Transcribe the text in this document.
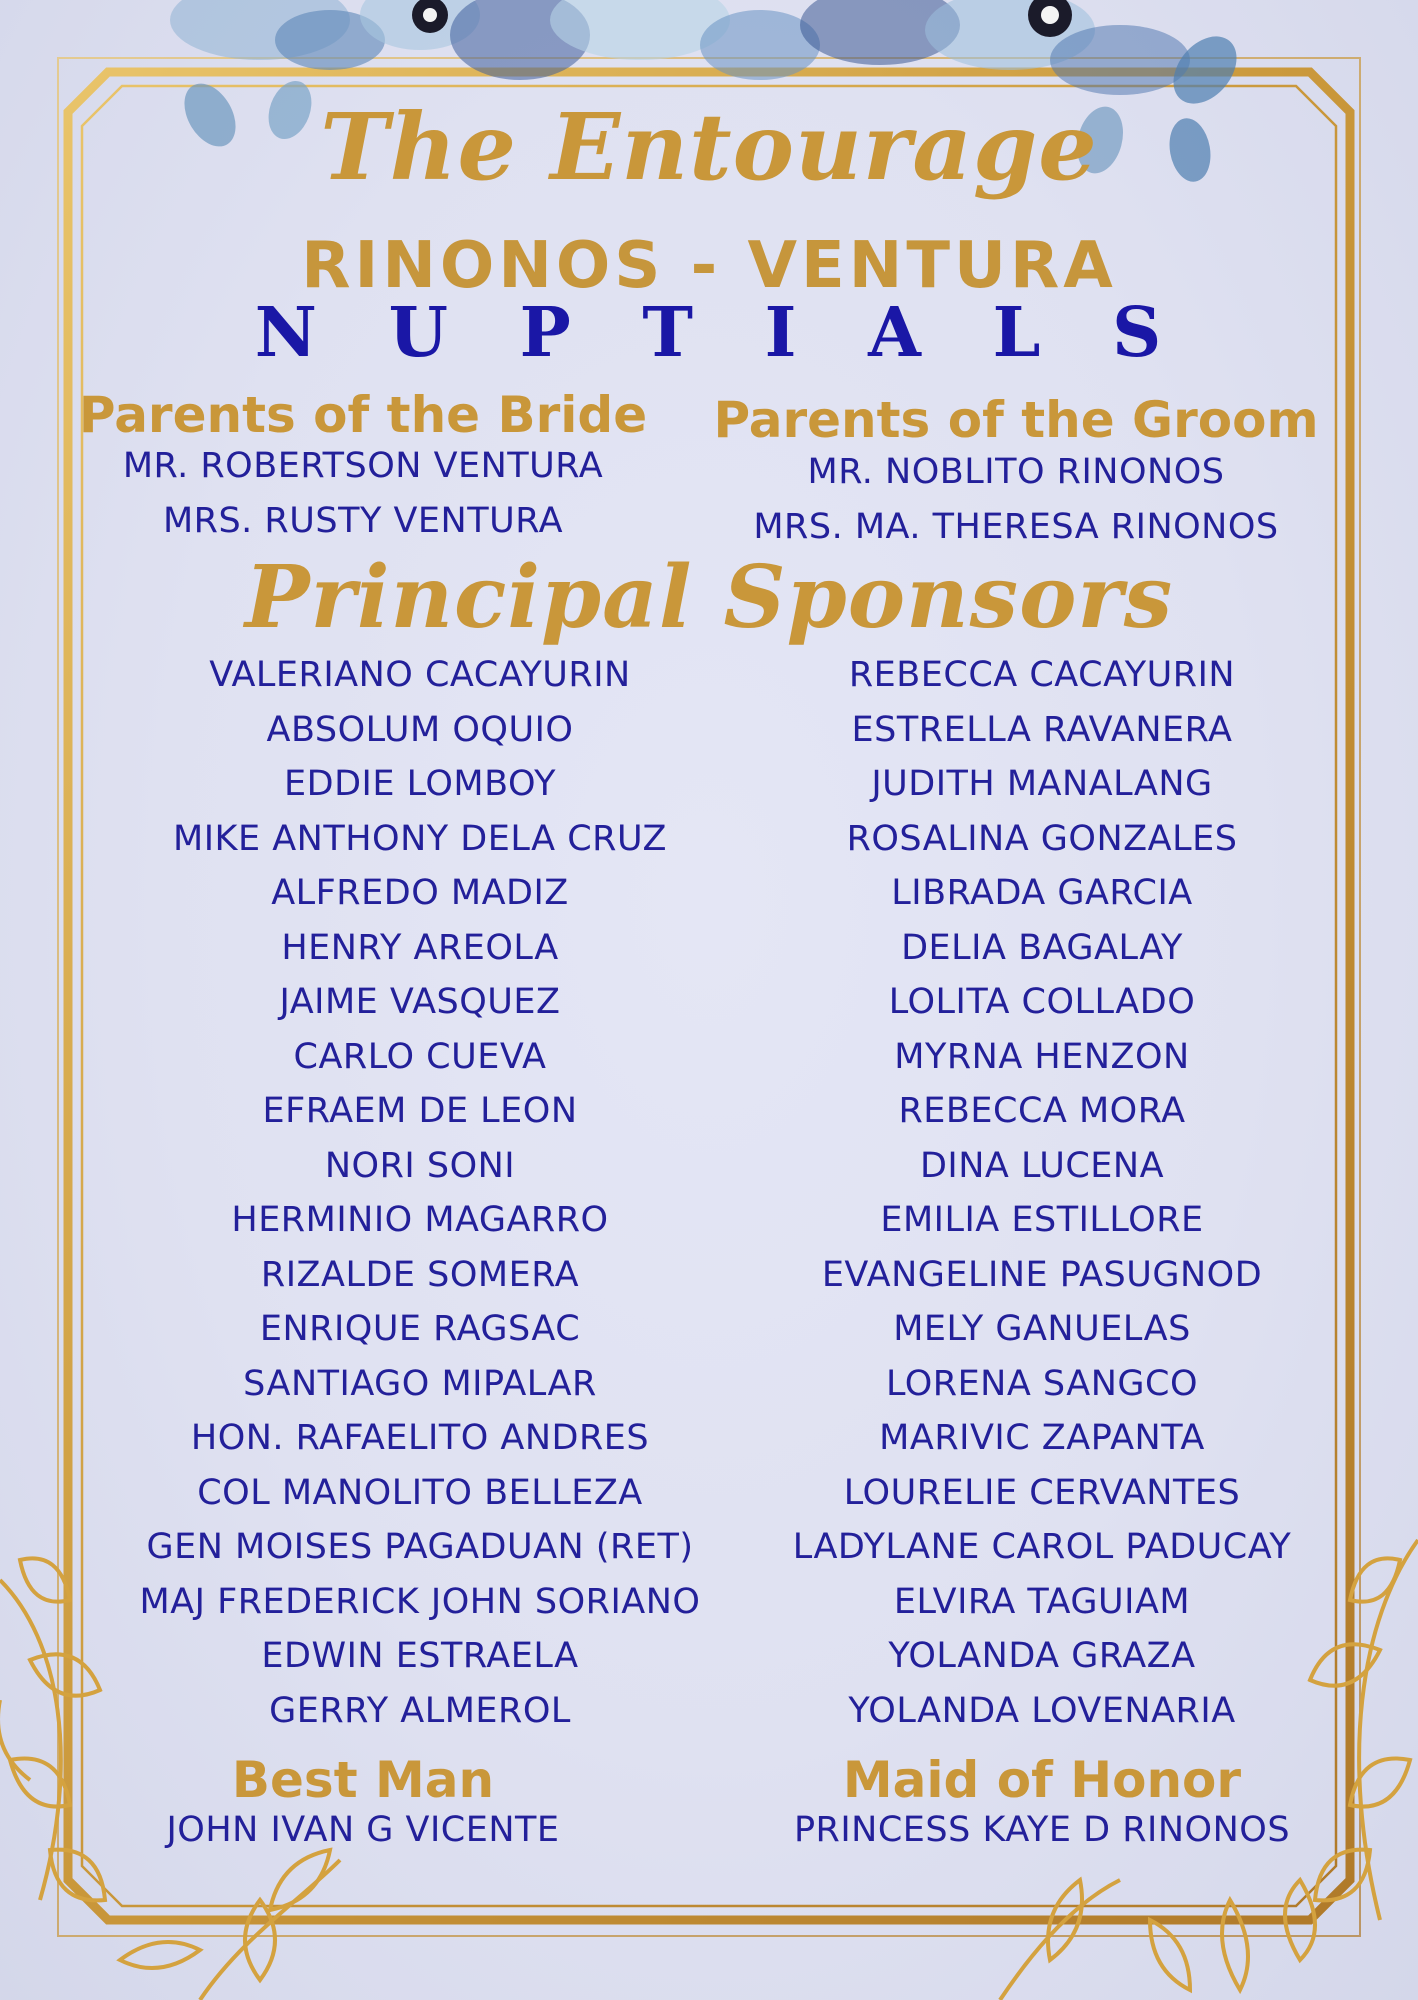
The Entourage
RINONOS - VENTURA
N U P T I A L S
Parents of the Bride
MR. ROBERTSON VENTURA
MRS. RUSTY VENTURA
Parents of the Groom
MR. NOBLITO RINONOS
MRS. MA. THERESA RINONOS
Principal Sponsors
VALERIANO CACAYURIN
ABSOLUM OQUIO
EDDIE LOMBOY
MIKE ANTHONY DELA CRUZ
ALFREDO MADIZ
HENRY AREOLA
JAIME VASQUEZ
CARLO CUEVA
EFRAEM DE LEON
NORI SONI
HERMINIO MAGARRO
RIZALDE SOMERA
ENRIQUE RAGSAC
SANTIAGO MIPALAR
HON. RAFAELITO ANDRES
COL MANOLITO BELLEZA
GEN MOISES PAGADUAN (RET)
MAJ FREDERICK JOHN SORIANO
EDWIN ESTRAELA
GERRY ALMEROL
REBECCA CACAYURIN
ESTRELLA RAVANERA
JUDITH MANALANG
ROSALINA GONZALES
LIBRADA GARCIA
DELIA BAGALAY
LOLITA COLLADO
MYRNA HENZON
REBECCA MORA
DINA LUCENA
EMILIA ESTILLORE
EVANGELINE PASUGNOD
MELY GANUELAS
LORENA SANGCO
MARIVIC ZAPANTA
LOURELIE CERVANTES
LADYLANE CAROL PADUCAY
ELVIRA TAGUIAM
YOLANDA GRAZA
YOLANDA LOVENARIA
Best Man
JOHN IVAN G VICENTE
Maid of Honor
PRINCESS KAYE D RINONOS
